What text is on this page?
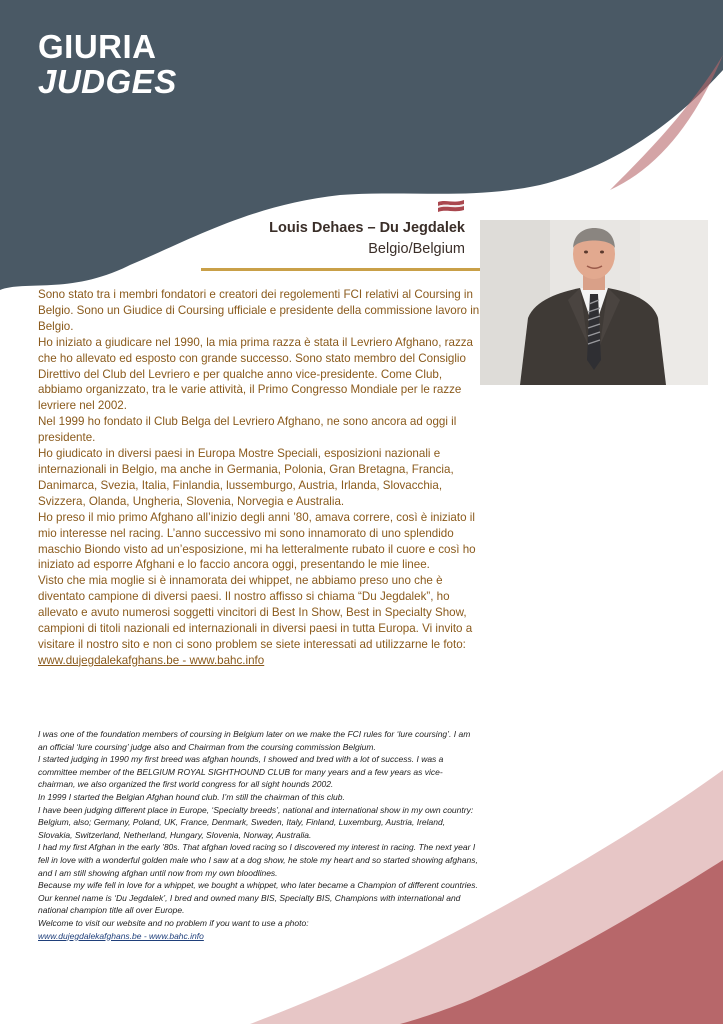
GIURIA
JUDGES
Louis Dehaes – Du Jegdalek
Belgio/Belgium

Sono stato tra i membri fondatori e creatori dei regolementi FCI relativi al Coursing in Belgio. Sono un Giudice di Coursing ufficiale e presidente della commissione lavoro in Belgio.

Ho iniziato a giudicare nel 1990, la mia prima razza è stata il Levriero Afghano, razza che ho allevato ed esposto con grande successo. Sono stato membro del Consiglio Direttivo del Club del Levriero e per qualche anno vice-presidente. Come Club, abbiamo organizzato, tra le varie attività, il Primo Congresso Mondiale per le razze levriere nel 2002.

Nel 1999 ho fondato il Club Belga del Levriero Afghano, ne sono ancora ad oggi il presidente.

Ho giudicato in diversi paesi in Europa Mostre Speciali, esposizioni nazionali e internazionali in Belgio, ma anche in Germania, Polonia, Gran Bretagna, Francia, Danimarca, Svezia, Italia, Finlandia, lussemburgo, Austria, Irlanda, Slovacchia, Svizzera, Olanda, Ungheria, Slovenia, Norvegia e Australia.

Ho preso il mio primo Afghano all’inizio degli anni ’80, amava correre, così è iniziato il mio interesse nel racing. L’anno successivo mi sono innamorato di uno splendido maschio Biondo visto ad un’esposizione, mi ha letteralmente rubato il cuore e così ho iniziato ad esporre Afghani e lo faccio ancora oggi, presentando le mie linee.

Visto che mia moglie si è innamorata dei whippet, ne abbiamo preso uno che è diventato campione di diversi paesi. Il nostro affisso si chiama “Du Jegdalek”, ho allevato e avuto numerosi soggetti vincitori di Best In Show, Best in Specialty Show, campioni di titoli nazionali ed internazionali in diversi paesi in tutta Europa. Vi invito a visitare il nostro sito e non ci sono problem se siete interessati ad utilizzarne le foto:

www.dujegdalekafghans.be - www.bahc.info

I was one of the foundation members of coursing in Belgium later on we make the FCI rules for ‘lure coursing’. I am an official ‘lure coursing’ judge also and Chairman from the coursing commission Belgium.

I started judging in 1990 my first breed was afghan hounds, I showed and bred with a lot of success. I was a committee member of the BELGIUM ROYAL SIGHTHOUND CLUB for many years and a few years as vice-chairman, we also organized the first world congress for all sight hounds 2002.

In 1999 I started the Belgian Afghan hound club. I’m still the chairman of this club.

I have been judging different place in Europe, ‘Specialty breeds’, national and international show in my own country: Belgium, also; Germany, Poland, UK, France, Denmark, Sweden, Italy, Finland, Luxemburg, Austria, Ireland, Slovakia, Switzerland, Netherland, Hungary, Slovenia, Norway, Australia.

I had my first Afghan in the early ’80s. That afghan loved racing so I discovered my interest in racing. The next year I fell in love with a wonderful golden male who I saw at a dog show, he stole my heart and so started showing afghans, and I am still showing afghan until now from my own bloodlines.

Because my wife fell in love for a whippet, we bought a whippet, who later became a Champion of different countries.

Our kennel name is ‘Du Jegdalek’, I bred and owned many BIS, Specialty BIS, Champions with international and national champion title all over Europe.

Welcome to visit our website and no problem if you want to use a photo:

www.dujegdalekafghans.be - www.bahc.info
